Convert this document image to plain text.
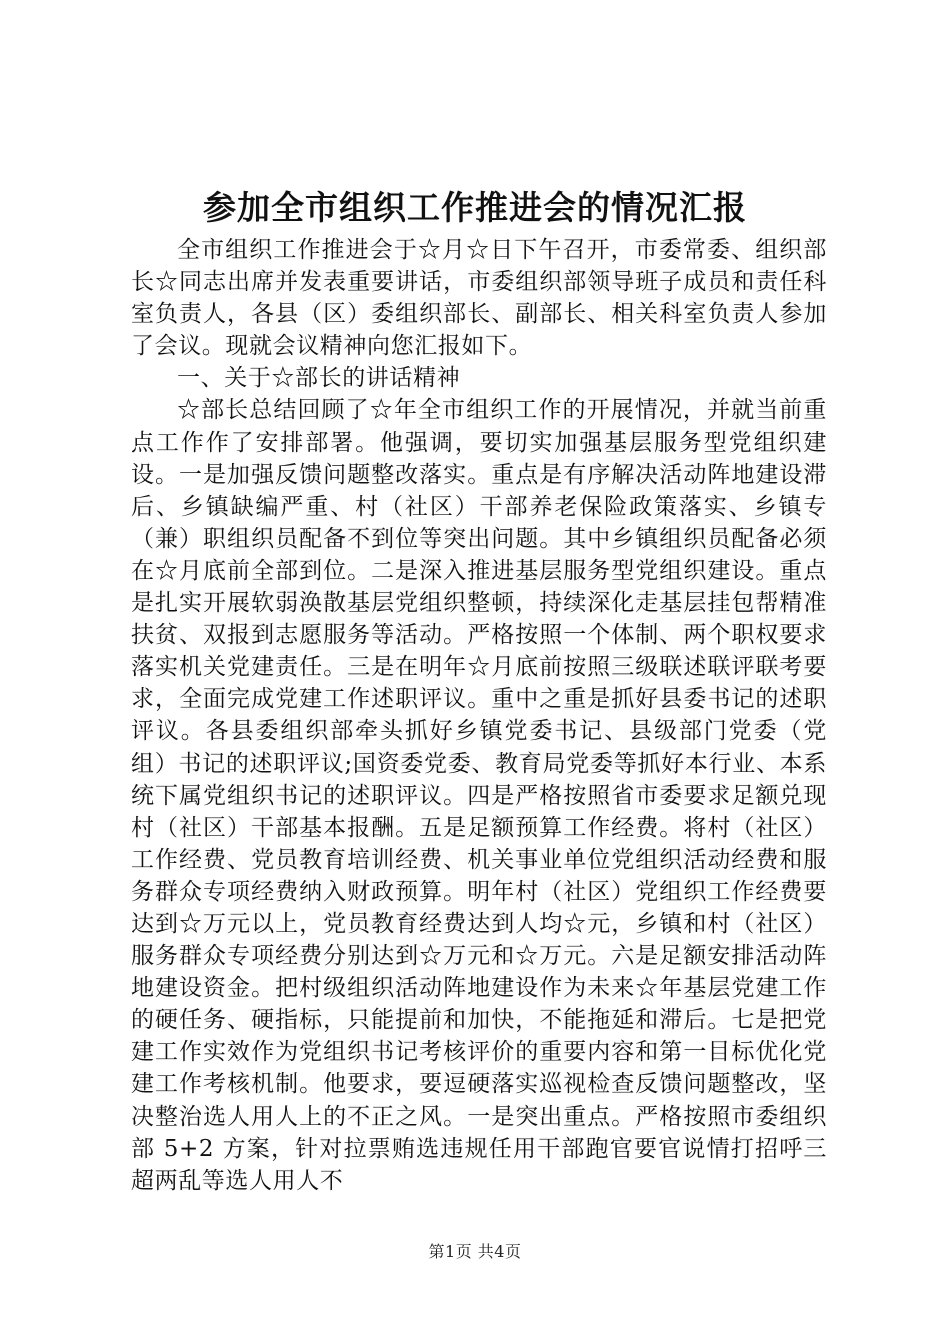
参加全市组织工作推进会的情况汇报

全市组织工作推进会于☆月☆日下午召开，市委常委、组织部长☆同志出席并发表重要讲话，市委组织部领导班子成员和责任科室负责人，各县（区）委组织部长、副部长、相关科室负责人参加了会议。现就会议精神向您汇报如下。

一、关于☆部长的讲话精神

☆部长总结回顾了☆年全市组织工作的开展情况，并就当前重点工作作了安排部署。他强调，要切实加强基层服务型党组织建设。一是加强反馈问题整改落实。重点是有序解决活动阵地建设滞后、乡镇缺编严重、村（社区）干部养老保险政策落实、乡镇专（兼）职组织员配备不到位等突出问题。其中乡镇组织员配备必须在☆月底前全部到位。二是深入推进基层服务型党组织建设。重点是扎实开展软弱涣散基层党组织整顿，持续深化走基层挂包帮精准扶贫、双报到志愿服务等活动。严格按照一个体制、两个职权要求落实机关党建责任。三是在明年☆月底前按照三级联述联评联考要求，全面完成党建工作述职评议。重中之重是抓好县委书记的述职评议。各县委组织部牵头抓好乡镇党委书记、县级部门党委（党组）书记的述职评议;国资委党委、教育局党委等抓好本行业、本系统下属党组织书记的述职评议。四是严格按照省市委要求足额兑现村（社区）干部基本报酬。五是足额预算工作经费。将村（社区）工作经费、党员教育培训经费、机关事业单位党组织活动经费和服务群众专项经费纳入财政预算。明年村（社区）党组织工作经费要达到☆万元以上，党员教育经费达到人均☆元，乡镇和村（社区）服务群众专项经费分别达到☆万元和☆万元。六是足额安排活动阵地建设资金。把村级组织活动阵地建设作为未来☆年基层党建工作的硬任务、硬指标，只能提前和加快，不能拖延和滞后。七是把党建工作实效作为党组织书记考核评价的重要内容和第一目标优化党建工作考核机制。他要求，要逗硬落实巡视检查反馈问题整改，坚决整治选人用人上的不正之风。一是突出重点。严格按照市委组织部 5+2 方案，针对拉票贿选违规任用干部跑官要官说情打招呼三超两乱等选人用人不

第1页 共4页
